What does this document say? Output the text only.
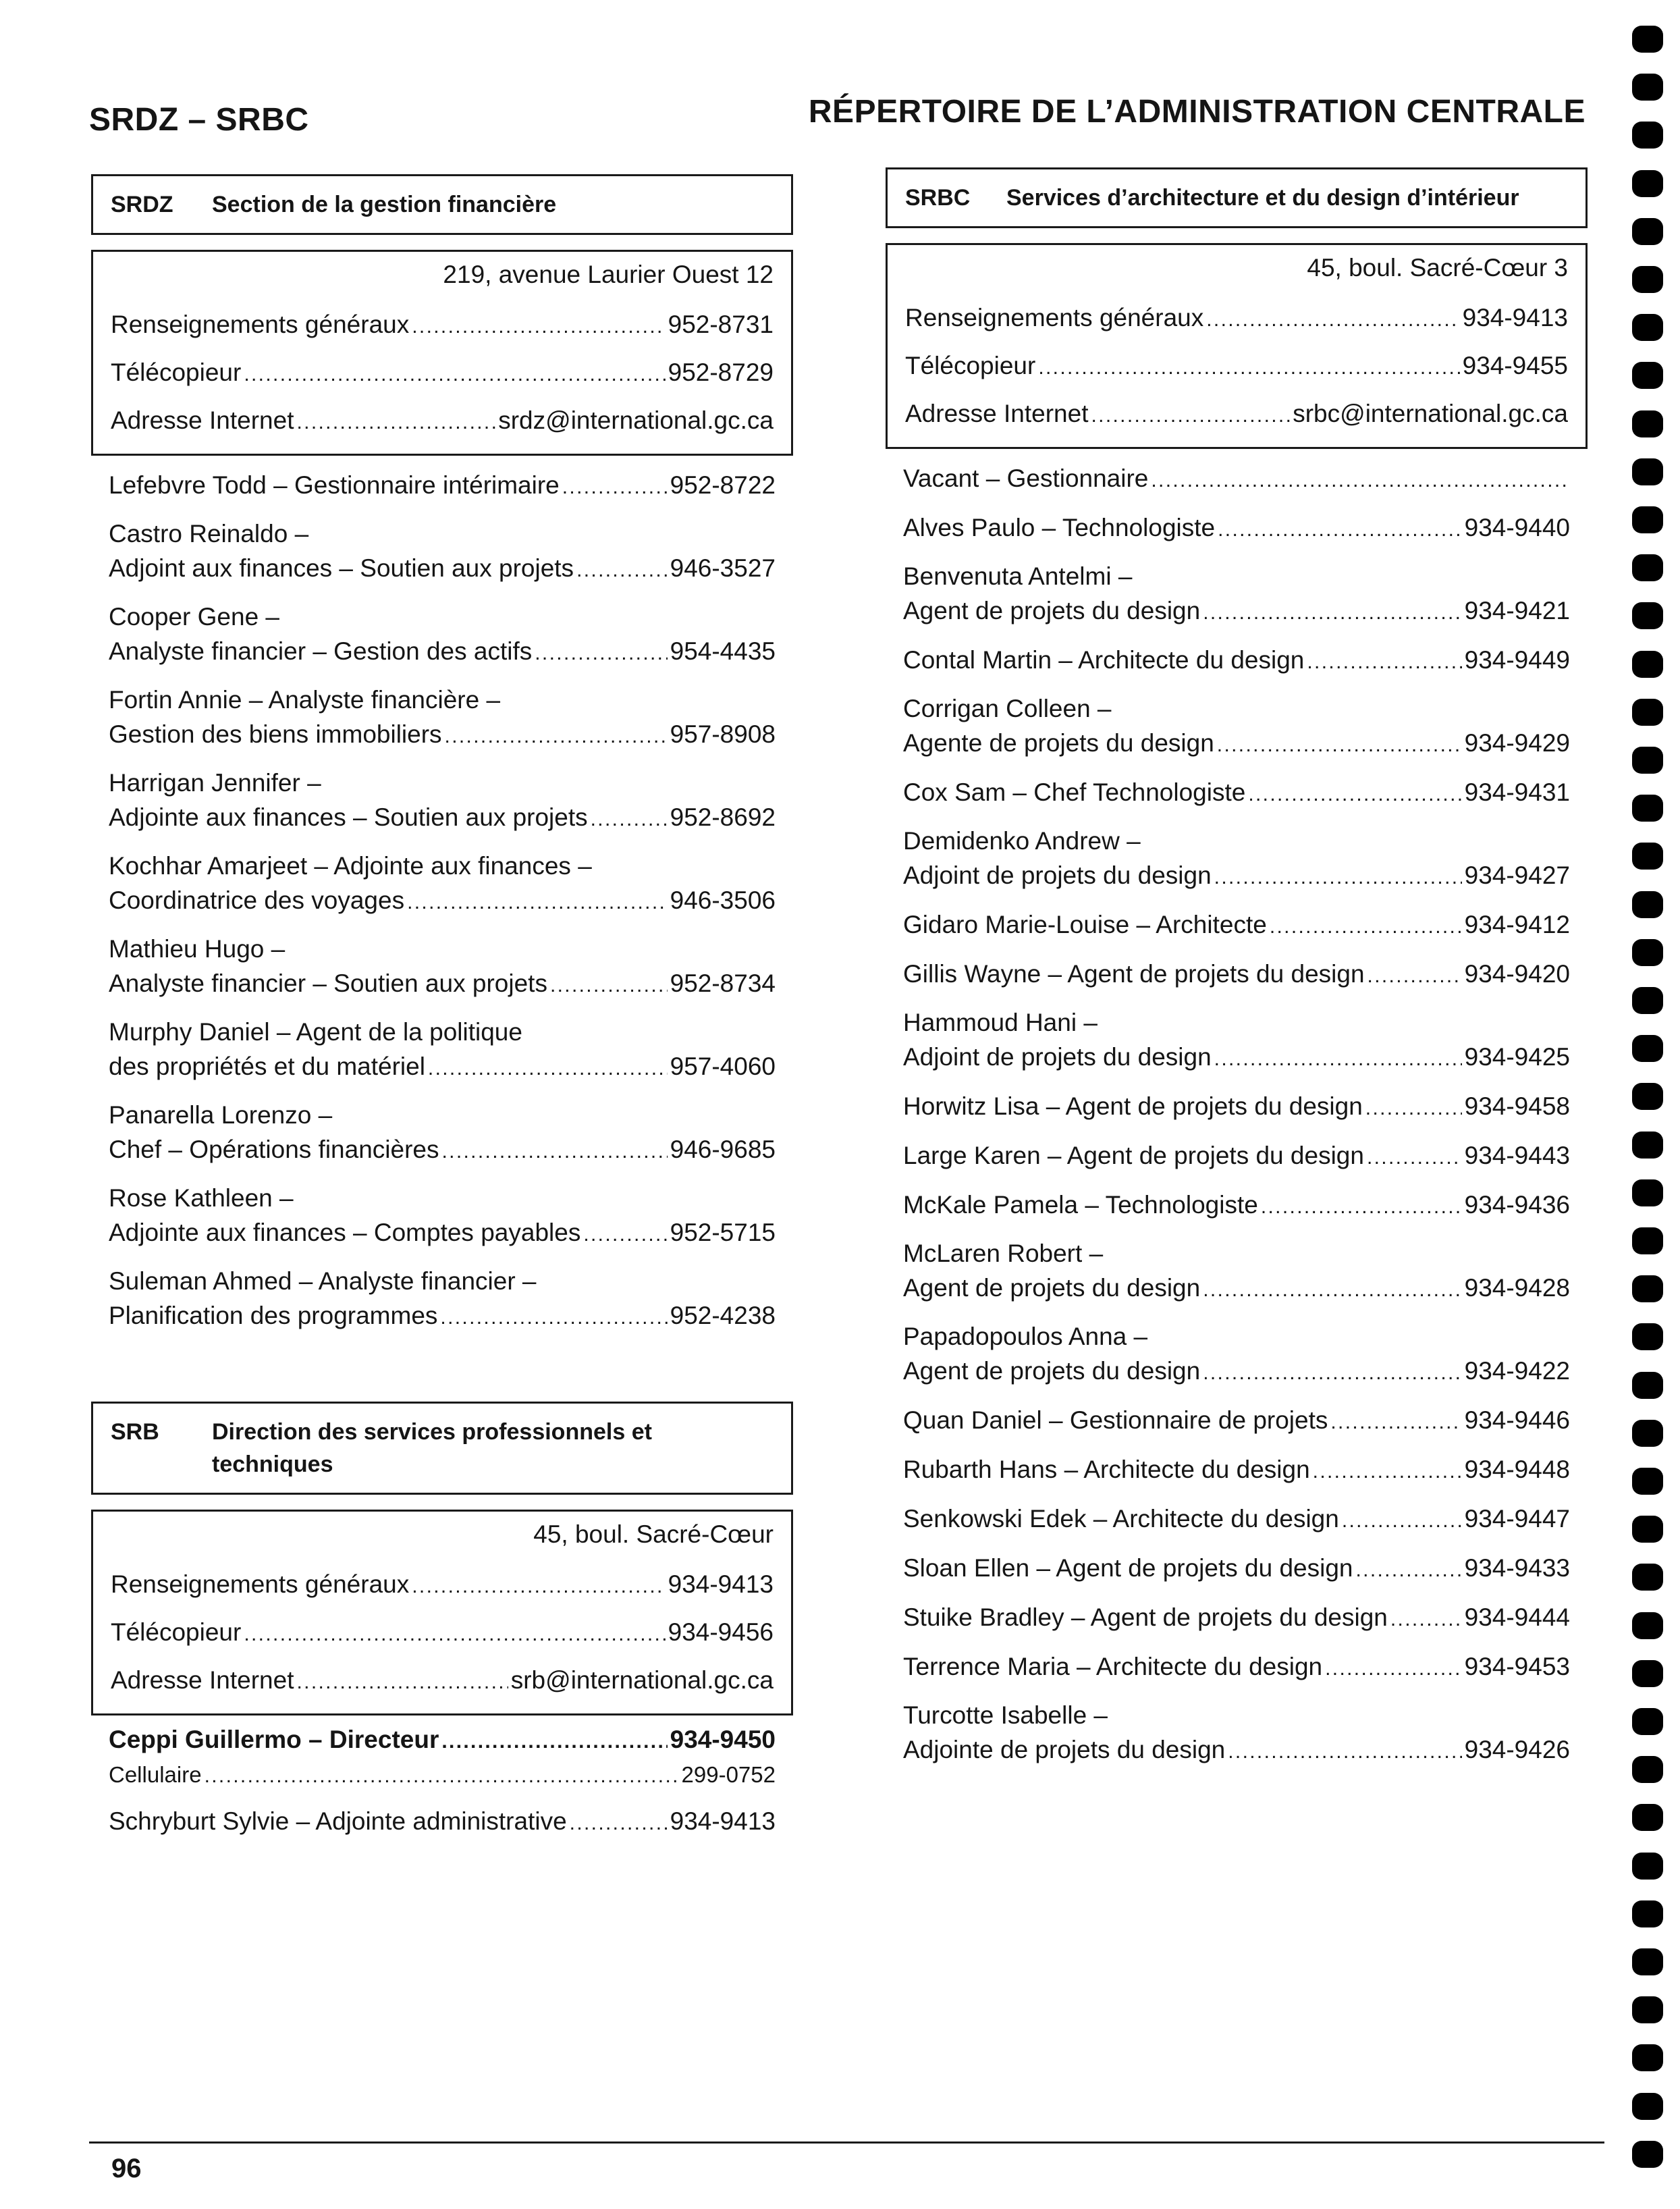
SRDZ – SRBC	RÉPERTOIRE DE L’ADMINISTRATION CENTRALE
SRDZ	Section de la gestion financière
219, avenue Laurier Ouest 12
Renseignements généraux . . .	952-8731
Télécopieur . . .	952-8729
Adresse Internet . . .	srdz@international.gc.ca
Lefebvre Todd – Gestionnaire intérimaire . . .	952-8722
Castro Reinaldo –
Adjoint aux finances – Soutien aux projets . . .	946-3527
Cooper Gene –
Analyste financier – Gestion des actifs . . .	954-4435
Fortin Annie – Analyste financière –
Gestion des biens immobiliers . . .	957-8908
Harrigan Jennifer –
Adjointe aux finances – Soutien aux projets . . .	952-8692
Kochhar Amarjeet – Adjointe aux finances –
Coordinatrice des voyages . . .	946-3506
Mathieu Hugo –
Analyste financier – Soutien aux projets . . .	952-8734
Murphy Daniel – Agent de la politique
des propriétés et du matériel . . .	957-4060
Panarella Lorenzo –
Chef – Opérations financières . . .	946-9685
Rose Kathleen –
Adjointe aux finances – Comptes payables . . .	952-5715
Suleman Ahmed – Analyste financier –
Planification des programmes . . .	952-4238
SRB	Direction des services professionnels et techniques
45, boul. Sacré-Cœur
Renseignements généraux . . .	934-9413
Télécopieur . . .	934-9456
Adresse Internet . . .	srb@international.gc.ca
Ceppi Guillermo – Directeur . . .	934-9450
Cellulaire . . .	299-0752
Schryburt Sylvie – Adjointe administrative . . .	934-9413
SRBC	Services d’architecture et du design d’intérieur
45, boul. Sacré-Cœur 3
Renseignements généraux . . .	934-9413
Télécopieur . . .	934-9455
Adresse Internet . . .	srbc@international.gc.ca
Vacant – Gestionnaire
. . .
Alves Paulo – Technologiste . . .	934-9440
Benvenuta Antelmi –
Agent de projets du design . . .	934-9421
Contal Martin – Architecte du design . . .	934-9449
Corrigan Colleen –
Agente de projets du design . . .	934-9429
Cox Sam – Chef Technologiste . . .	934-9431
Demidenko Andrew –
Adjoint de projets du design . . .	934-9427
Gidaro Marie-Louise – Architecte . . .	934-9412
Gillis Wayne – Agent de projets du design . . .	934-9420
Hammoud Hani –
Adjoint de projets du design . . .	934-9425
Horwitz Lisa – Agent de projets du design . . .	934-9458
Large Karen – Agent de projets du design . . .	934-9443
McKale Pamela – Technologiste . . .	934-9436
McLaren Robert –
Agent de projets du design . . .	934-9428
Papadopoulos Anna –
Agent de projets du design . . .	934-9422
Quan Daniel – Gestionnaire de projets . . .	934-9446
Rubarth Hans – Architecte du design . . .	934-9448
Senkowski Edek – Architecte du design . . .	934-9447
Sloan Ellen – Agent de projets du design . . .	934-9433
Stuike Bradley – Agent de projets du design . . .	934-9444
Terrence Maria – Architecte du design . . .	934-9453
Turcotte Isabelle –
Adjointe de projets du design . . .	934-9426
96
